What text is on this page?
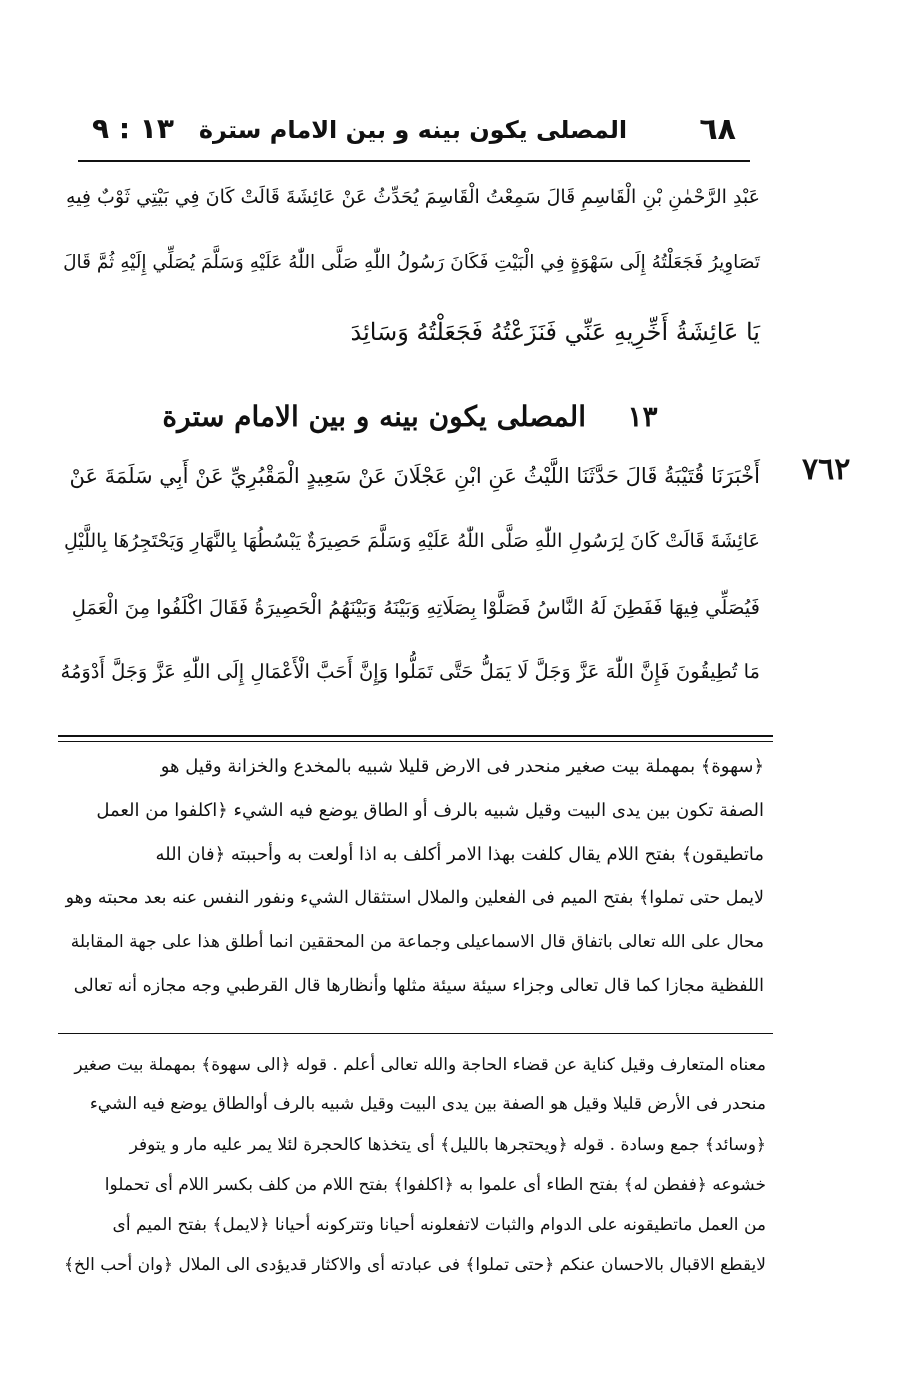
٦٨
المصلى يكون بينه و بين الامام سترة
١٣ : ٩
عَبْدِ الرَّحْمٰنِ بْنِ الْقَاسِمِ قَالَ سَمِعْتُ الْقَاسِمَ يُحَدِّثُ عَنْ عَائِشَةَ قَالَتْ كَانَ فِي بَيْتِي ثَوْبٌ فِيهِ
تَصَاوِيرُ فَجَعَلْتُهُ إِلَى سَهْوَةٍ فِي الْبَيْتِ فَكَانَ رَسُولُ اللّٰهِ صَلَّى اللّٰهُ عَلَيْهِ وَسَلَّمَ يُصَلِّي إِلَيْهِ ثُمَّ قَالَ
يَا عَائِشَةُ أَخِّرِيهِ عَنِّي فَنَزَعْتُهُ فَجَعَلْتُهُ وَسَائِدَ
١٣  المصلى يكون بينه و بين الامام سترة
٧٦٢
أَخْبَرَنَا قُتَيْبَةُ قَالَ حَدَّثَنَا اللَّيْثُ عَنِ ابْنِ عَجْلَانَ عَنْ سَعِيدٍ الْمَقْبُرِيِّ عَنْ أَبِي سَلَمَةَ عَنْ
عَائِشَةَ قَالَتْ كَانَ لِرَسُولِ اللّٰهِ صَلَّى اللّٰهُ عَلَيْهِ وَسَلَّمَ حَصِيرَةٌ يَبْسُطُهَا بِالنَّهَارِ وَيَحْتَجِرُهَا بِاللَّيْلِ
فَيُصَلِّي فِيهَا فَفَطِنَ لَهُ النَّاسُ فَصَلَّوْا بِصَلَاتِهِ وَبَيْنَهُ وَبَيْنَهُمُ الْحَصِيرَةُ فَقَالَ اكْلَفُوا مِنَ الْعَمَلِ
مَا تُطِيقُونَ فَإِنَّ اللّٰهَ عَزَّ وَجَلَّ لَا يَمَلُّ حَتَّى تَمَلُّوا وَإِنَّ أَحَبَّ الْأَعْمَالِ إِلَى اللّٰهِ عَزَّ وَجَلَّ أَدْوَمُهُ
﴿سهوة﴾ بمهملة بيت صغير منحدر فى الارض قليلا شبيه بالمخدع والخزانة وقيل هو
الصفة تكون بين يدى البيت وقيل شبيه بالرف أو الطاق يوضع فيه الشيء ﴿اكلفوا من العمل
ماتطيقون﴾ بفتح اللام يقال كلفت بهذا الامر أكلف به اذا أولعت به وأحببته ﴿فان الله
لايمل حتى تملوا﴾ بفتح الميم فى الفعلين والملال استثقال الشيء ونفور النفس عنه بعد محبته وهو
محال على الله تعالى باتفاق قال الاسماعيلى وجماعة من المحققين انما أطلق هذا على جهة المقابلة
اللفظية مجازا كما قال تعالى وجزاء سيئة سيئة مثلها وأنظارها قال القرطبي وجه مجازه أنه تعالى
معناه المتعارف وقيل كناية عن قضاء الحاجة والله تعالى أعلم . قوله ﴿الى سهوة﴾ بمهملة بيت صغير
منحدر فى الأرض قليلا وقيل هو الصفة بين يدى البيت وقيل شبيه بالرف أوالطاق يوضع فيه الشيء
﴿وسائد﴾ جمع وسادة . قوله ﴿ويحتجرها بالليل﴾ أى يتخذها كالحجرة لئلا يمر عليه مار و يتوفر
خشوعه ﴿ففطن له﴾ بفتح الطاء أى علموا به ﴿اكلفوا﴾ بفتح اللام من كلف بكسر اللام أى تحملوا
من العمل ماتطيقونه على الدوام والثبات لاتفعلونه أحيانا وتتركونه أحيانا ﴿لايمل﴾ بفتح الميم أى
لايقطع الاقبال بالاحسان عنكم ﴿حتى تملوا﴾ فى عبادته أى والاكثار قديؤدى الى الملال ﴿وان أحب الخ﴾
